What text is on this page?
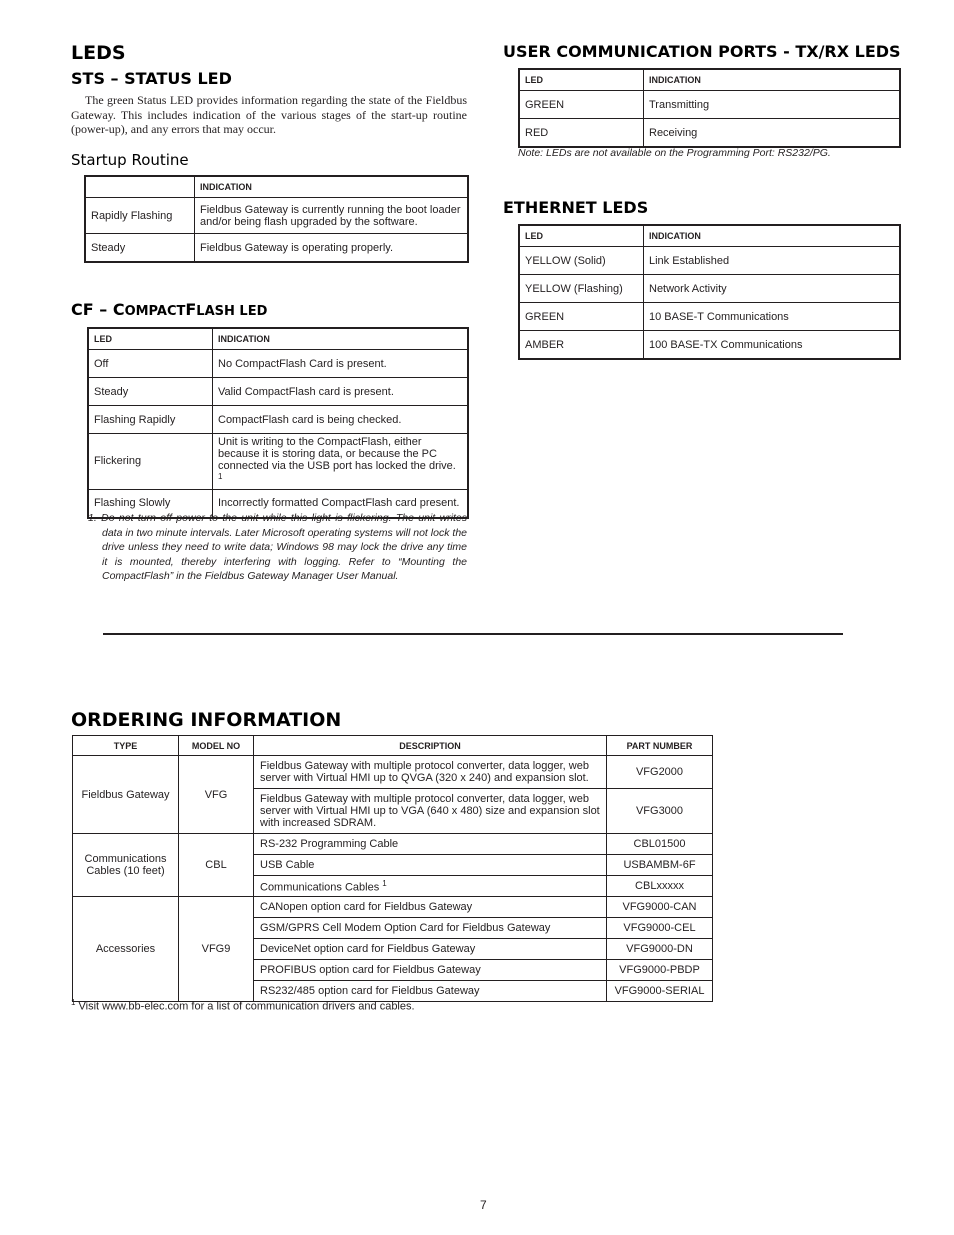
LEDS
STS – STATUS LED
The green Status LED provides information regarding the state of the Fieldbus Gateway. This includes indication of the various stages of the start-up routine (power-up), and any errors that may occur.
Startup Routine
	INDICATION
Rapidly Flashing	Fieldbus Gateway is currently running the boot loader and/or being flash upgraded by the software.
Steady	Fieldbus Gateway is operating properly.
CF – COMPACTFLASH LED
LED	INDICATION
Off	No CompactFlash Card is present.
Steady	Valid CompactFlash card is present.
Flashing Rapidly	CompactFlash card is being checked.
Flickering	Unit is writing to the CompactFlash, either because it is storing data, or because the PC connected via the USB port has locked the drive. $^1$
Flashing Slowly	Incorrectly formatted CompactFlash card present.
1. Do not turn off power to the unit while this light is flickering. The unit writes data in two minute intervals. Later Microsoft operating systems will not lock the drive unless they need to write data; Windows 98 may lock the drive any time it is mounted, thereby interfering with logging. Refer to “Mounting the CompactFlash” in the Fieldbus Gateway Manager User Manual.
USER COMMUNICATION PORTS - TX/RX LEDS
LED	INDICATION
GREEN	Transmitting
RED	Receiving
Note: LEDs are not available on the Programming Port: RS232/PG.
ETHERNET LEDS
LED	INDICATION
YELLOW (Solid)	Link Established
YELLOW (Flashing)	Network Activity
GREEN	10 BASE-T Communications
AMBER	100 BASE-TX Communications
ORDERING INFORMATION
TYPE	MODEL NO	DESCRIPTION	PART NUMBER
Fieldbus Gateway	VFG	Fieldbus Gateway with multiple protocol converter, data logger, web server with Virtual HMI up to QVGA (320 x 240) and expansion slot.	VFG2000
		Fieldbus Gateway with multiple protocol converter, data logger, web server with Virtual HMI up to VGA (640 x 480) size and expansion slot with increased SDRAM.	VFG3000
Communications Cables (10 feet)	CBL	RS-232 Programming Cable	CBL01500
		USB Cable	USBAMBM-6F
		Communications Cables $^1$	CBLxxxxx
Accessories	VFG9	CANopen option card for Fieldbus Gateway	VFG9000-CAN
		GSM/GPRS Cell Modem Option Card for Fieldbus Gateway	VFG9000-CEL
		DeviceNet option card for Fieldbus Gateway	VFG9000-DN
		PROFIBUS option card for Fieldbus Gateway	VFG9000-PBDP
		RS232/485 option card for Fieldbus Gateway	VFG9000-SERIAL
$^1$ Visit www.bb-elec.com for a list of communication drivers and cables.
7
